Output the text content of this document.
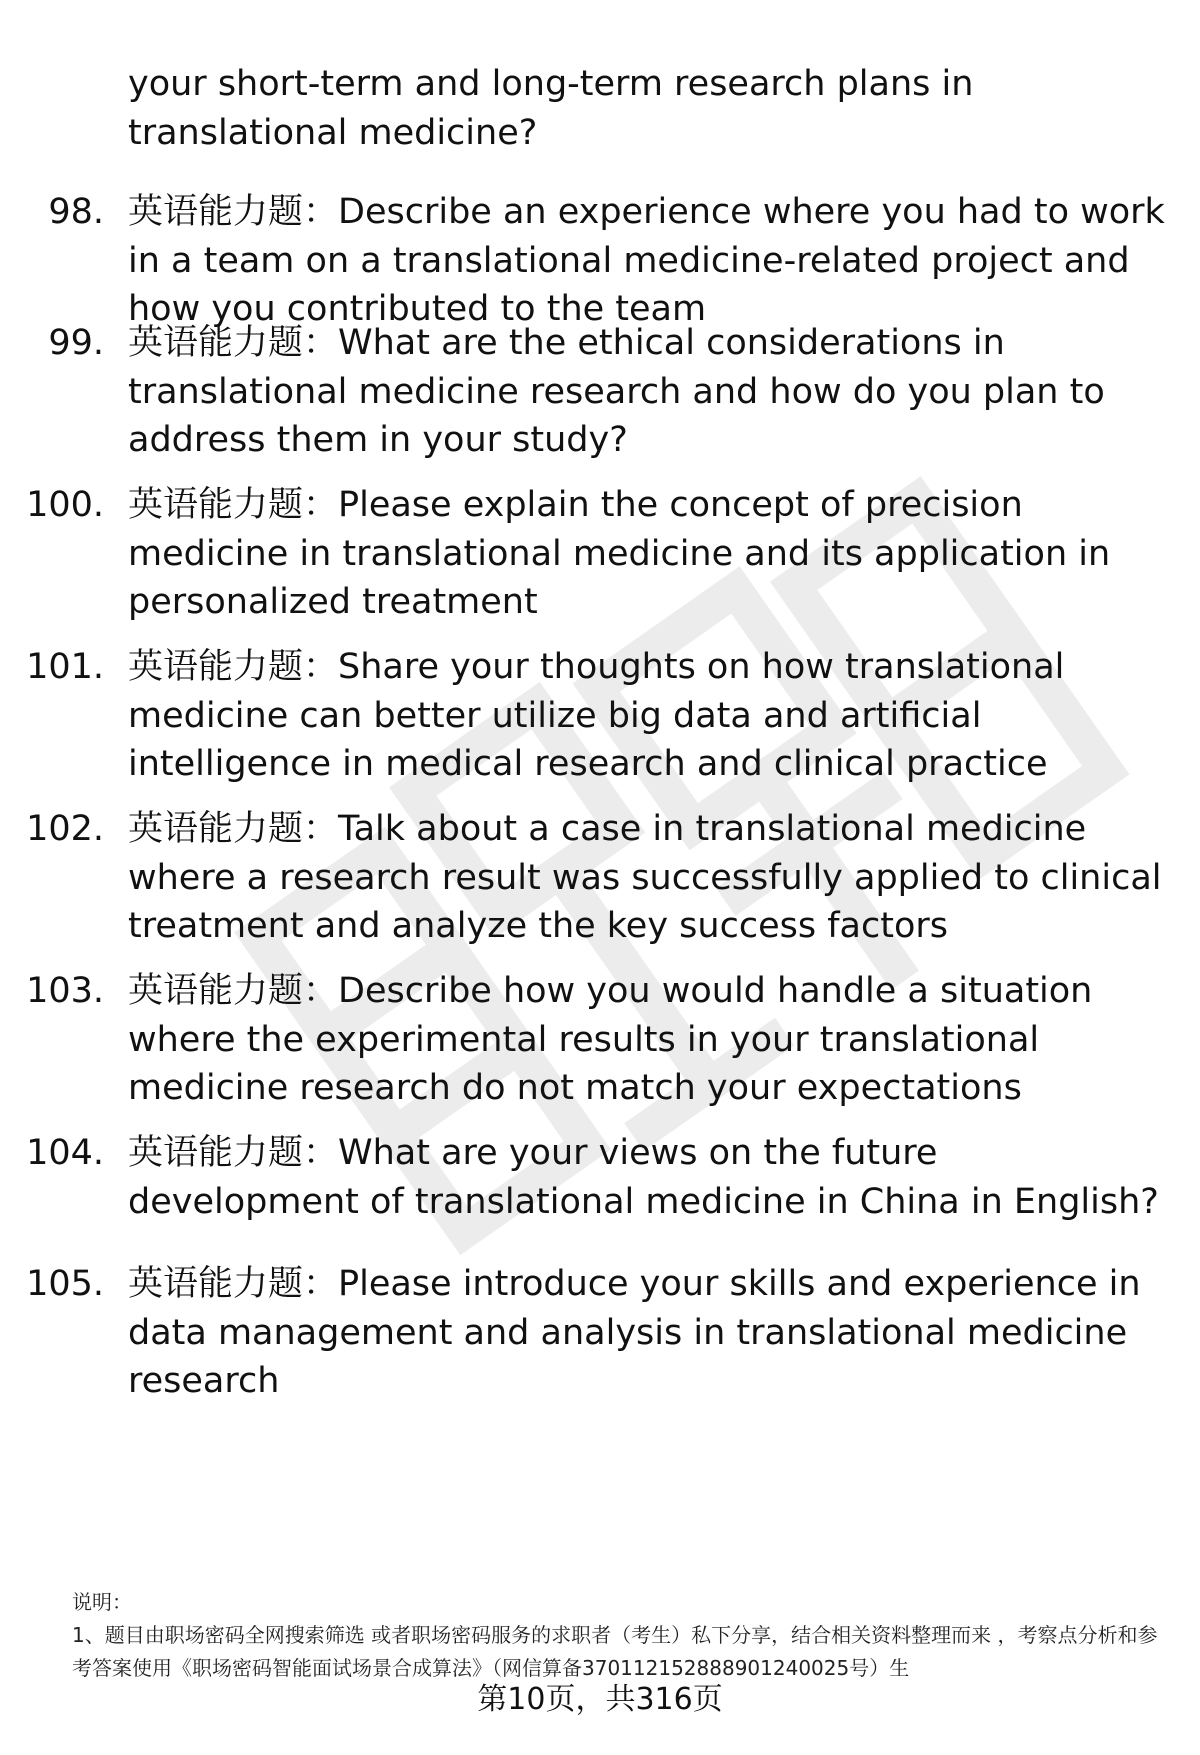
your short-term and long-term research plans in translational medicine?
98. 英语能力题：Describe an experience where you had to work in a team on a translational medicine-related project and how you contributed to the team
99. 英语能力题：What are the ethical considerations in translational medicine research and how do you plan to address them in your study?
100. 英语能力题：Please explain the concept of precision medicine in translational medicine and its application in personalized treatment
101. 英语能力题：Share your thoughts on how translational medicine can better utilize big data and artificial intelligence in medical research and clinical practice
102. 英语能力题：Talk about a case in translational medicine where a research result was successfully applied to clinical treatment and analyze the key success factors
103. 英语能力题：Describe how you would handle a situation where the experimental results in your translational medicine research do not match your expectations
104. 英语能力题：What are your views on the future development of translational medicine in China in English?
105. 英语能力题：Please introduce your skills and experience in data management and analysis in translational medicine research
说明：
1、题目由职场密码全网搜索筛选 或者职场密码服务的求职者（考生）私下分享，结合相关资料整理而来 ，考察点分析和参考答案使用《职场密码智能面试场景合成算法》（网信算备370112152888901240025号）生
第10页，共316页
